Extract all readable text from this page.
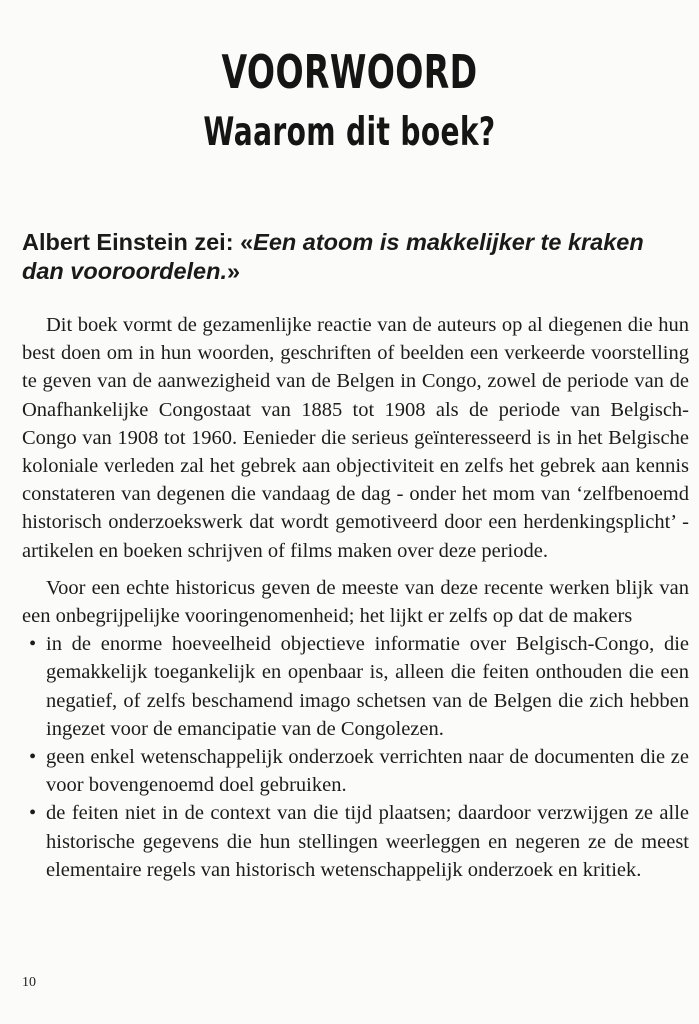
VOORWOORD
Waarom dit boek?

Albert Einstein zei: «Een atoom is makkelijker te kraken dan vooroordelen.»

Dit boek vormt de gezamenlijke reactie van de auteurs op al diegenen die hun best doen om in hun woorden, geschriften of beelden een verkeerde voorstelling te geven van de aanwezigheid van de Belgen in Congo, zowel de periode van de Onafhankelijke Congostaat van 1885 tot 1908 als de periode van Belgisch-Congo van 1908 tot 1960. Eenieder die serieus geïnteresseerd is in het Belgische koloniale verleden zal het gebrek aan objectiviteit en zelfs het gebrek aan kennis constateren van degenen die vandaag de dag - onder het mom van ‘zelfbenoemd historisch onderzoekswerk dat wordt gemotiveerd door een herdenkingsplicht’ - artikelen en boeken schrijven of films maken over deze periode.

Voor een echte historicus geven de meeste van deze recente werken blijk van een onbegrijpelijke vooringenomenheid; het lijkt er zelfs op dat de makers

• in de enorme hoeveelheid objectieve informatie over Belgisch-Congo, die gemakkelijk toegankelijk en openbaar is, alleen die feiten onthouden die een negatief, of zelfs beschamend imago schetsen van de Belgen die zich hebben ingezet voor de emancipatie van de Congolezen.
• geen enkel wetenschappelijk onderzoek verrichten naar de documenten die ze voor bovengenoemd doel gebruiken.
• de feiten niet in de context van die tijd plaatsen; daardoor verzwijgen ze alle historische gegevens die hun stellingen weerleggen en negeren ze de meest elementaire regels van historisch wetenschappelijk onderzoek en kritiek.

10
